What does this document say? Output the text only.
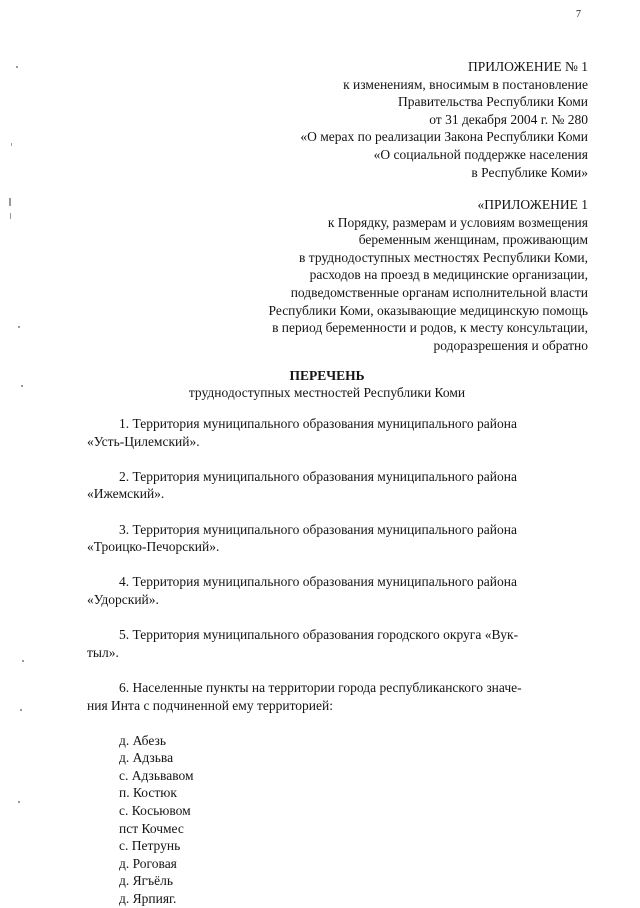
7
ПРИЛОЖЕНИЕ № 1
к изменениям, вносимым в постановление
Правительства Республики Коми
от 31 декабря 2004 г. № 280
«О мерах по реализации Закона Республики Коми
«О социальной поддержке населения
в Республике Коми»
«ПРИЛОЖЕНИЕ 1
к Порядку, размерам и условиям возмещения
беременным женщинам, проживающим
в труднодоступных местностях Республики Коми,
расходов на проезд в медицинские организации,
подведомственные органам исполнительной власти
Республики Коми, оказывающие медицинскую помощь
в период беременности и родов, к месту консультации,
родоразрешения и обратно
ПЕРЕЧЕНЬ
труднодоступных местностей Республики Коми

1. Территория муниципального образования муниципального района
«Усть-Цилемский».

2. Территория муниципального образования муниципального района
«Ижемский».

3. Территория муниципального образования муниципального района
«Троицко-Печорский».

4. Территория муниципального образования муниципального района
«Удорский».

5. Территория муниципального образования городского округа «Вук-
тыл».

6. Населенные пункты на территории города республиканского значе-
ния Инта с подчиненной ему территорией:

д. Абезь
д. Адзьва
с. Адзьвавом
п. Костюк
с. Косьювом
пст Кочмес
с. Петрунь
д. Роговая
д. Ягъёль
д. Ярпияг.
